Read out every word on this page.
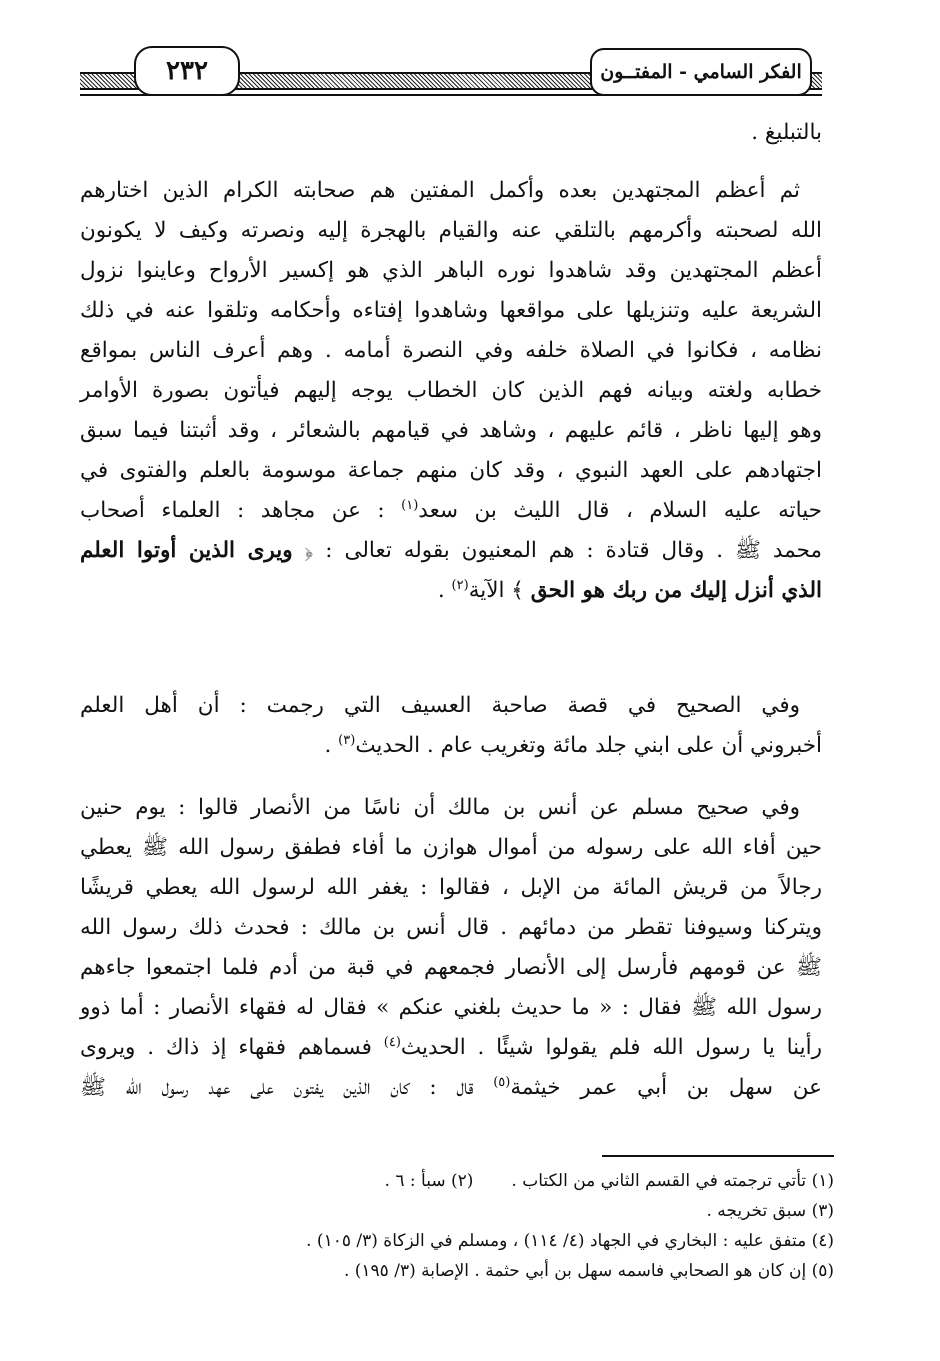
الفكر السامي - المفتــون
٢٣٢
بالتبليغ .
ثم أعظم المجتهدين بعده وأكمل المفتين هم صحابته الكرام الذين اختارهم
الله لصحبته وأكرمهم بالتلقي عنه والقيام بالهجرة إليه ونصرته وكيف لا يكونون
أعظم المجتهدين وقد شاهدوا نوره الباهر الذي هو إكسير الأرواح وعاينوا نزول
الشريعة عليه وتنزيلها على مواقعها وشاهدوا إفتاءه وأحكامه وتلقوا عنه في ذلك
نظامه ، فكانوا في الصلاة خلفه وفي النصرة أمامه . وهم أعرف الناس بمواقع
خطابه ولغته وبيانه فهم الذين كان الخطاب يوجه إليهم فيأتون بصورة الأوامر
وهو إليها ناظر ، قائم عليهم ، وشاهد في قيامهم بالشعائر ، وقد أثبتنا فيما سبق
اجتهادهم على العهد النبوي ، وقد كان منهم جماعة موسومة بالعلم والفتوى في
حياته عليه السلام ، قال الليث بن سعد$^{(١)}$ : عن مجاهد : العلماء أصحاب
محمد ﷺ . وقال قتادة : هم المعنيون بقوله تعالى : ﴿ ويرى الذين أوتوا العلم
الذي أنزل إليك من ربك هو الحق ﴾ الآية$^{(٢)}$ .
وفي الصحيح في قصة صاحبة العسيف التي رجمت : أن أهل العلم
أخبروني أن على ابني جلد مائة وتغريب عام . الحديث$^{(٣)}$ .
وفي صحيح مسلم عن أنس بن مالك أن ناسًا من الأنصار قالوا : يوم حنين
حين أفاء الله على رسوله من أموال هوازن ما أفاء فطفق رسول الله ﷺ يعطي
رجالاً من قريش المائة من الإبل ، فقالوا : يغفر الله لرسول الله يعطي قريشًا
ويتركنا وسيوفنا تقطر من دمائهم . قال أنس بن مالك : فحدث ذلك رسول الله
ﷺ عن قومهم فأرسل إلى الأنصار فجمعهم في قبة من أدم فلما اجتمعوا جاءهم
رسول الله ﷺ فقال : « ما حديث بلغني عنكم » فقال له فقهاء الأنصار : أما ذوو
رأينا يا رسول الله فلم يقولوا شيئًا . الحديث$^{(٤)}$ فسماهم فقهاء إذ ذاك . ويروى
عن سهل بن أبي عمر خيثمة$^{(٥)}$ قال : كان الذين يفتون على عهد رسول الله ﷺ
(١) تأتي ترجمته في القسم الثاني من الكتاب .(٢) سبأ : ٦ .
(٣) سبق تخريجه .
(٤) متفق عليه : البخاري في الجهاد (٤/ ١١٤) ، ومسلم في الزكاة (٣/ ١٠٥) .
(٥) إن كان هو الصحابي فاسمه سهل بن أبي حثمة . الإصابة (٣/ ١٩٥) .
